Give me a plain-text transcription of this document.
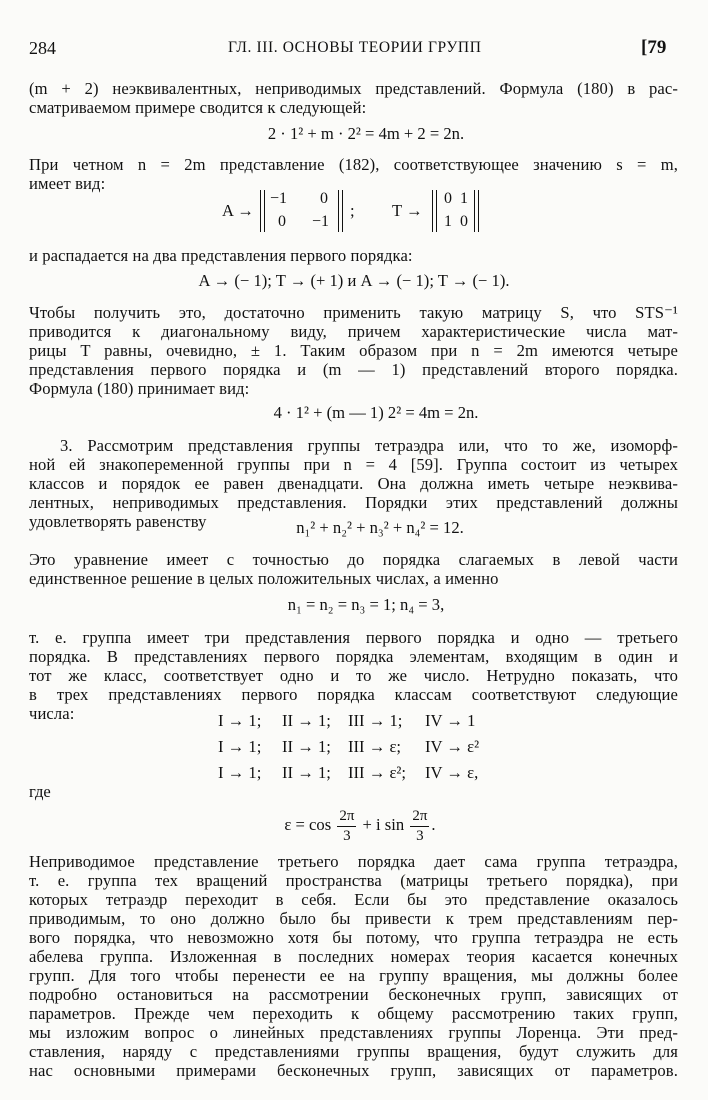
284	ГЛ. III. ОСНОВЫ ТЕОРИИ ГРУПП	[79
(m + 2) неэквивалентных, неприводимых представлений. Формула (180) в рас-
сматриваемом примере сводится к следующей:
2 · 1² + m · 2² = 4m + 2 = 2n.
При четном n = 2m представление (182), соответствующее значению s = m,
имеет вид:
A →
−1 0
0 −1
; T →
0 1
1 0
и распадается на два представления первого порядка:
A → (− 1); T → (+ 1) и A → (− 1); T → (− 1).
Чтобы получить это, достаточно применить такую матрицу S, что STS⁻¹
приводится к диагональному виду, причем характеристические числа мат-
рицы T равны, очевидно, ± 1. Таким образом при n = 2m имеются четыре
представления первого порядка и (m — 1) представлений второго порядка.
Формула (180) принимает вид:
4 · 1² + (m — 1) 2² = 4m = 2n.
3. Рассмотрим представления группы тетраэдра или, что то же, изоморф-
ной ей знакопеременной группы при n = 4 [59]. Группа состоит из четырех
классов и порядок ее равен двенадцати. Она должна иметь четыре неэквива-
лентных, неприводимых представления. Порядки этих представлений должны
удовлетворять равенству	n₁² + n₂² + n₃² + n₄² = 12.
Это уравнение имеет с точностью до порядка слагаемых в левой части
единственное решение в целых положительных числах, а именно
n₁ = n₂ = n₃ = 1; n₄ = 3,
т. е. группа имеет три представления первого порядка и одно — третьего
порядка. В представлениях первого порядка элементам, входящим в один и
тот же класс, соответствует одно и то же число. Нетрудно показать, что
в трех представлениях первого порядка классам соответствуют следующие
числа:	I → 1; II → 1; III → 1; IV → 1
I → 1; II → 1; III → ε; IV → ε²
I → 1; II → 1; III → ε²; IV → ε,
где
$\varepsilon = \cos \frac{2\pi}{3} + i$ $\sin \frac{2\pi}{3}$ .
Неприводимое представление третьего порядка дает сама группа тетраэдра,
т. е. группа тех вращений пространства (матрицы третьего порядка), при
которых тетраэдр переходит в себя. Если бы это представление оказалось
приводимым, то оно должно было бы привести к трем представлениям пер-
вого порядка, что невозможно хотя бы потому, что группа тетраэдра не есть
абелева группа. Изложенная в последних номерах теория касается конечных
групп. Для того чтобы перенести ее на группу вращения, мы должны более
подробно остановиться на рассмотрении бесконечных групп, зависящих от
параметров. Прежде чем переходить к общему рассмотрению таких групп,
мы изложим вопрос о линейных представлениях группы Лоренца. Эти пред-
ставления, наряду с представлениями группы вращения, будут служить для
нас основными примерами бесконечных групп, зависящих от параметров.
